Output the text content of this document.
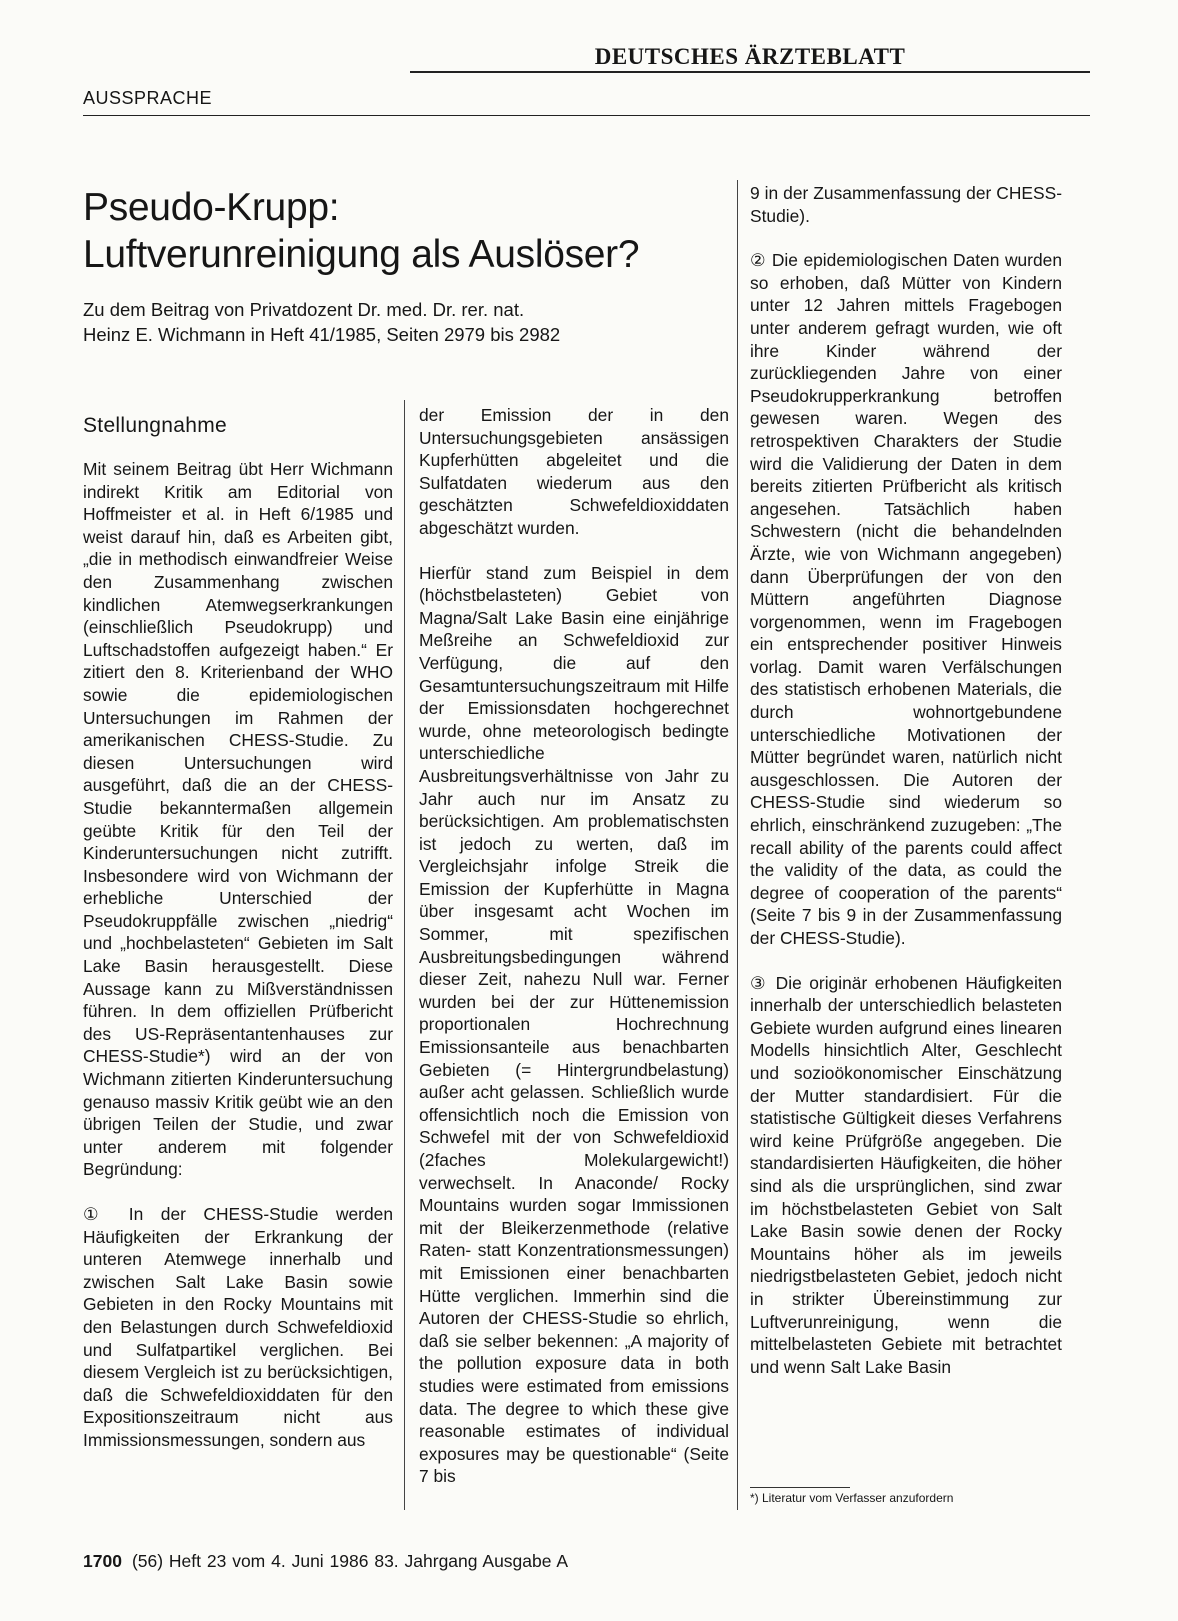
DEUTSCHES ÄRZTEBLATT
AUSSPRACHE
Pseudo-Krupp:
Luftverunreinigung als Auslöser?
Zu dem Beitrag von Privatdozent Dr. med. Dr. rer. nat.
Heinz E. Wichmann in Heft 41/1985, Seiten 2979 bis 2982
Stellungnahme

Mit seinem Beitrag übt Herr Wichmann indirekt Kritik am Editorial von Hoffmeister et al. in Heft 6/1985 und weist darauf hin, daß es Arbeiten gibt, „die in methodisch einwandfreier Weise den Zusammenhang zwischen kindlichen Atemwegserkrankungen (einschließlich Pseudokrupp) und Luftschadstoffen aufgezeigt haben.“ Er zitiert den 8. Kriterienband der WHO sowie die epidemiologischen Untersuchungen im Rahmen der amerikanischen CHESS-Studie. Zu diesen Untersuchungen wird ausgeführt, daß die an der CHESS-Studie bekanntermaßen allgemein geübte Kritik für den Teil der Kinderuntersuchungen nicht zutrifft. Insbesondere wird von Wichmann der erhebliche Unterschied der Pseudokruppfälle zwischen „niedrig“ und „hochbelasteten“ Gebieten im Salt Lake Basin herausgestellt. Diese Aussage kann zu Mißverständnissen führen. In dem offiziellen Prüfbericht des US-Repräsentantenhauses zur CHESS-Studie*) wird an der von Wichmann zitierten Kinderuntersuchung genauso massiv Kritik geübt wie an den übrigen Teilen der Studie, und zwar unter anderem mit folgender Begründung:

① In der CHESS-Studie werden Häufigkeiten der Erkrankung der unteren Atemwege innerhalb und zwischen Salt Lake Basin sowie Gebieten in den Rocky Mountains mit den Belastungen durch Schwefeldioxid und Sulfatpartikel verglichen. Bei diesem Vergleich ist zu berücksichtigen, daß die Schwefeldioxiddaten für den Expositionszeitraum nicht aus Immissionsmessungen, sondern aus

der Emission der in den Untersuchungsgebieten ansässigen Kupferhütten abgeleitet und die Sulfatdaten wiederum aus den geschätzten Schwefeldioxiddaten abgeschätzt wurden.

Hierfür stand zum Beispiel in dem (höchstbelasteten) Gebiet von Magna/Salt Lake Basin eine einjährige Meßreihe an Schwefeldioxid zur Verfügung, die auf den Gesamtuntersuchungszeitraum mit Hilfe der Emissionsdaten hochgerechnet wurde, ohne meteorologisch bedingte unterschiedliche Ausbreitungsverhältnisse von Jahr zu Jahr auch nur im Ansatz zu berücksichtigen. Am problematischsten ist jedoch zu werten, daß im Vergleichsjahr infolge Streik die Emission der Kupferhütte in Magna über insgesamt acht Wochen im Sommer, mit spezifischen Ausbreitungsbedingungen während dieser Zeit, nahezu Null war. Ferner wurden bei der zur Hüttenemission proportionalen Hochrechnung Emissionsanteile aus benachbarten Gebieten (= Hintergrundbelastung) außer acht gelassen. Schließlich wurde offensichtlich noch die Emission von Schwefel mit der von Schwefeldioxid (2faches Molekulargewicht!) verwechselt. In Anaconde/ Rocky Mountains wurden sogar Immissionen mit der Bleikerzenmethode (relative Raten- statt Konzentrationsmessungen) mit Emissionen einer benachbarten Hütte verglichen. Immerhin sind die Autoren der CHESS-Studie so ehrlich, daß sie selber bekennen: „A majority of the pollution exposure data in both studies were estimated from emissions data. The degree to which these give reasonable estimates of individual exposures may be questionable“ (Seite 7 bis

9 in der Zusammenfassung der CHESS-Studie).

② Die epidemiologischen Daten wurden so erhoben, daß Mütter von Kindern unter 12 Jahren mittels Fragebogen unter anderem gefragt wurden, wie oft ihre Kinder während der zurückliegenden Jahre von einer Pseudokrupperkrankung betroffen gewesen waren. Wegen des retrospektiven Charakters der Studie wird die Validierung der Daten in dem bereits zitierten Prüfbericht als kritisch angesehen. Tatsächlich haben Schwestern (nicht die behandelnden Ärzte, wie von Wichmann angegeben) dann Überprüfungen der von den Müttern angeführten Diagnose vorgenommen, wenn im Fragebogen ein entsprechender positiver Hinweis vorlag. Damit waren Verfälschungen des statistisch erhobenen Materials, die durch wohnortgebundene unterschiedliche Motivationen der Mütter begründet waren, natürlich nicht ausgeschlossen. Die Autoren der CHESS-Studie sind wiederum so ehrlich, einschränkend zuzugeben: „The recall ability of the parents could affect the validity of the data, as could the degree of cooperation of the parents“ (Seite 7 bis 9 in der Zusammenfassung der CHESS-Studie).

③ Die originär erhobenen Häufigkeiten innerhalb der unterschiedlich belasteten Gebiete wurden aufgrund eines linearen Modells hinsichtlich Alter, Geschlecht und sozioökonomischer Einschätzung der Mutter standardisiert. Für die statistische Gültigkeit dieses Verfahrens wird keine Prüfgröße angegeben. Die standardisierten Häufigkeiten, die höher sind als die ursprünglichen, sind zwar im höchstbelasteten Gebiet von Salt Lake Basin sowie denen der Rocky Mountains höher als im jeweils niedrigstbelasteten Gebiet, jedoch nicht in strikter Übereinstimmung zur Luftverunreinigung, wenn die mittelbelasteten Gebiete mit betrachtet und wenn Salt Lake Basin

*) Literatur vom Verfasser anzufordern
1700 (56) Heft 23 vom 4. Juni 1986 83. Jahrgang Ausgabe A
